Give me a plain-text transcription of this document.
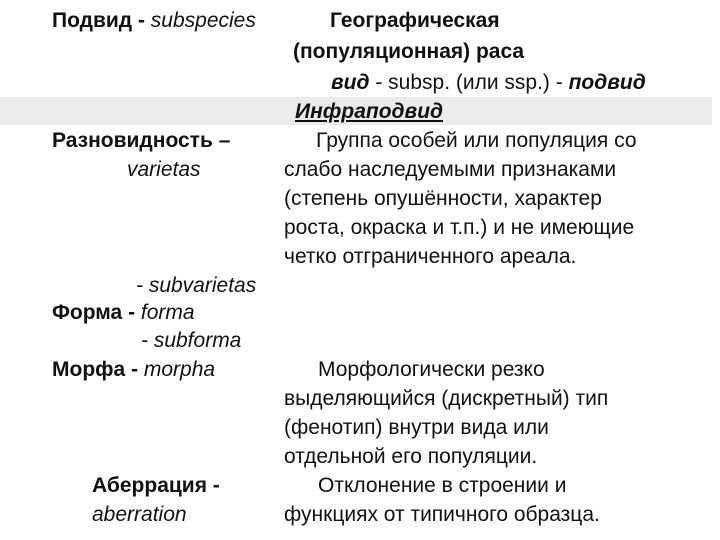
Подвид - subspecies	Географическая
(популяционная) раса
вид - subsp. (или ssp.) - подвид
Инфраподвид
Разновидность –
varietas
Группа особей или популяция со
слабо наследуемыми признаками
(степень опушённости, характер
роста, окраска и т.п.) и не имеющие
четко отграниченного ареала.
- subvarietas
Форма - forma
- subforma
Морфа - morpha	Морфологически резко
выделяющийся (дискретный) тип
(фенотип) внутри вида или
отдельной его популяции.
Аберрация -
aberration
Отклонение в строении и
функциях от типичного образца.
